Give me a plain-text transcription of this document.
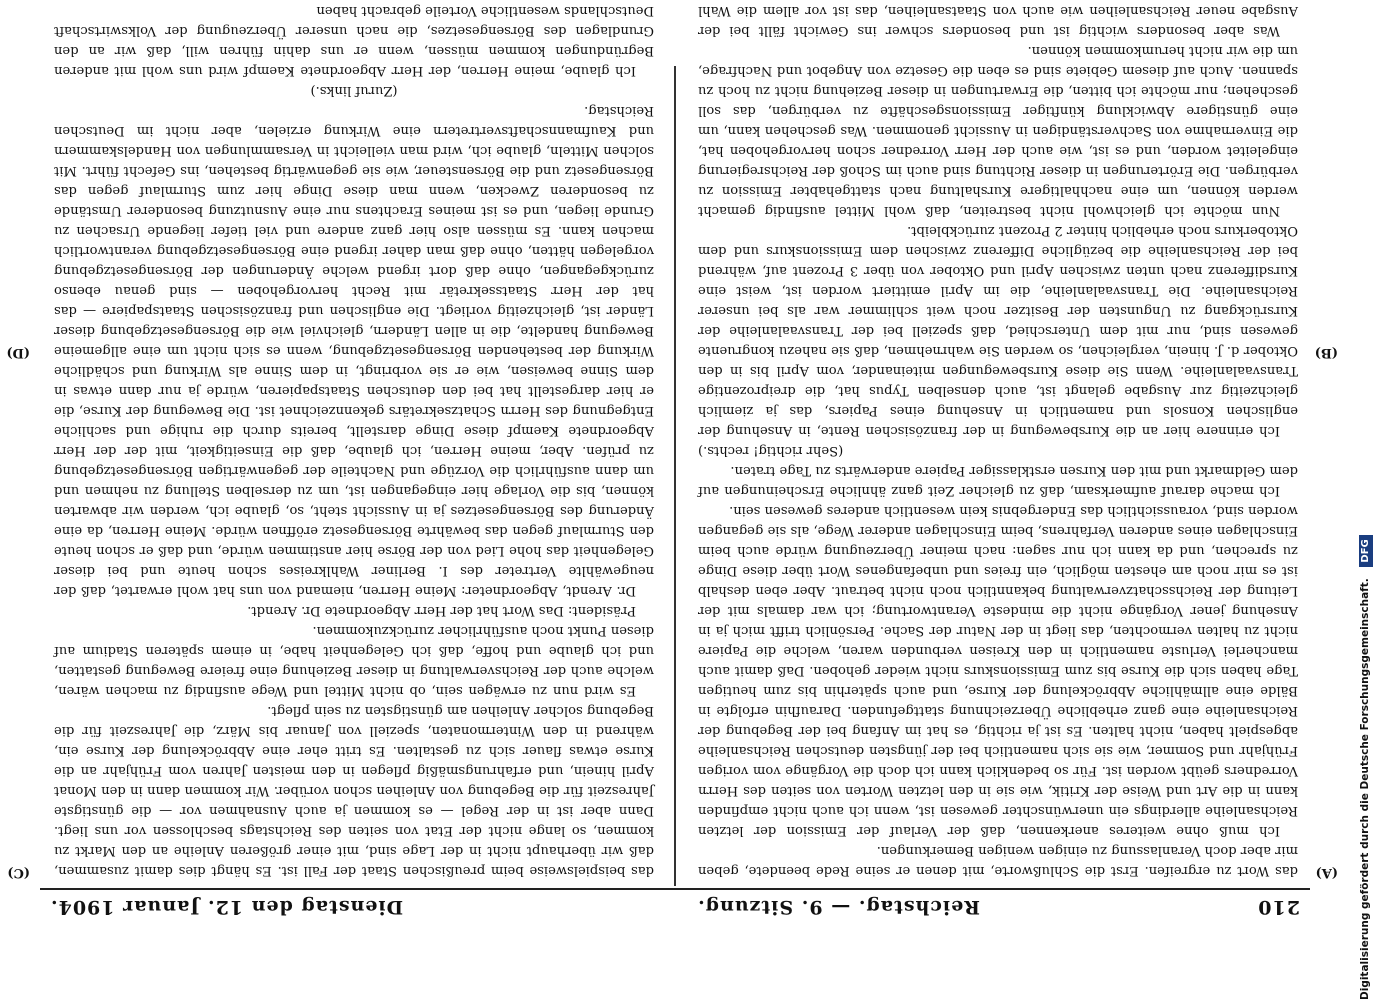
210
Reichstag. — 9. Sitzung.
Dienstag den 12. Januar 1904.
(A)
(B)
(C)
(D)

das Wort zu ergreifen. Erst die Schlußworte, mit denen er seine Rede beendete, geben mir aber doch Veranlassung zu einigen wenigen Bemerkungen.

Ich muß ohne weiteres anerkennen, daß der Verlauf der Emission der letzten Reichsanleihe allerdings ein unerwünschter gewesen ist, wenn ich auch nicht empfinden kann in die Art und Weise der Kritik, wie sie in den letzten Worten von seiten des Herrn Vorredners geübt worden ist. Für so bedenklich kann ich doch die Vorgänge vom vorigen Frühjahr und Sommer, wie sie sich namentlich bei der jüngsten deutschen Reichsanleihe abgespielt haben, nicht halten. Es ist ja richtig, es hat im Anfang bei der Begebung der Reichsanleihe eine ganz erhebliche Überzeichnung stattgefunden. Daraufhin erfolgte in Bälde eine allmähliche Abbröckelung der Kurse, und auch späterhin bis zum heutigen Tage haben sich die Kurse bis zum Emissionskurs nicht wieder gehoben. Daß damit auch mancherlei Verluste namentlich in den Kreisen verbunden waren, welche die Papiere nicht zu halten vermochten, das liegt in der Natur der Sache. Persönlich trifft mich ja in Ansehung jener Vorgänge nicht die mindeste Verantwortung; ich war damals mit der Leitung der Reichsschatzverwaltung bekanntlich noch nicht betraut. Aber eben deshalb ist es mir noch am ehesten möglich, ein freies und unbefangenes Wort über diese Dinge zu sprechen, und da kann ich nur sagen: nach meiner Überzeugung würde auch beim Einschlagen eines anderen Verfahrens, beim Einschlagen anderer Wege, als sie gegangen worden sind, voraussichtlich das Endergebnis kein wesentlich anderes gewesen sein.

Ich mache darauf aufmerksam, daß zu gleicher Zeit ganz ähnliche Erscheinungen auf dem Geldmarkt und mit den Kursen erstklassiger Papiere anderwärts zu Tage traten.

(Sehr richtig! rechts.)

Ich erinnere hier an die Kursbewegung in der französischen Rente, in Ansehung der englischen Konsols und namentlich in Ansehung eines Papiers, das ja ziemlich gleichzeitig zur Ausgabe gelangt ist, auch denselben Typus hat, die dreiprozentige Transvaalanleihe. Wenn Sie diese Kursbewegungen miteinander, vom April bis in den Oktober d. J. hinein, vergleichen, so werden Sie wahrnehmen, daß sie nahezu kongruente gewesen sind, nur mit dem Unterschied, daß speziell bei der Transvaalanleihe der Kursrückgang zu Ungunsten der Besitzer noch weit schlimmer war als bei unserer Reichsanleihe. Die Transvaalanleihe, die im April emittiert worden ist, weist eine Kursdifferenz nach unten zwischen April und Oktober von über 3 Prozent auf, während bei der Reichsanleihe die bezügliche Differenz zwischen dem Emissionskurs und dem Oktoberkurs noch erheblich hinter 2 Prozent zurückbleibt.

Nun möchte ich gleichwohl nicht bestreiten, daß wohl Mittel ausfindig gemacht werden können, um eine nachhaltigere Kurshaltung nach stattgehabter Emission zu verbürgen. Die Erörterungen in dieser Richtung sind auch im Schoß der Reichsregierung eingeleitet worden, und es ist, wie auch der Herr Vorredner schon hervorgehoben hat, die Einvernahme von Sachverständigen in Aussicht genommen. Was geschehen kann, um eine günstigere Abwicklung künftiger Emissionsgeschäfte zu verbürgen, das soll geschehen; nur möchte ich bitten, die Erwartungen in dieser Beziehung nicht zu hoch zu spannen. Auch auf diesem Gebiete sind es eben die Gesetze von Angebot und Nachfrage, um die wir nicht herumkommen können.

Was aber besonders wichtig ist und besonders schwer ins Gewicht fällt bei der Ausgabe neuer Reichsanleihen wie auch von Staatsanleihen, das ist vor allem die Wahl

das beispielsweise beim preußischen Staat der Fall ist. Es hängt dies damit zusammen, daß wir überhaupt nicht in der Lage sind, mit einer größeren Anleihe an den Markt zu kommen, so lange nicht der Etat von seiten des Reichstags beschlossen vor uns liegt. Dann aber ist in der Regel — es kommen ja auch Ausnahmen vor — die günstigste Jahreszeit für die Begebung von Anleihen schon vorüber. Wir kommen dann in den Monat April hinein, und erfahrungsmäßig pflegen in den meisten Jahren vom Frühjahr an die Kurse etwas flauer sich zu gestalten. Es tritt eher eine Abbröckelung der Kurse ein, während in den Wintermonaten, speziell von Januar bis März, die Jahreszeit für die Begebung solcher Anleihen am günstigsten zu sein pflegt.

Es wird nun zu erwägen sein, ob nicht Mittel und Wege ausfindig zu machen wären, welche auch der Reichsverwaltung in dieser Beziehung eine freiere Bewegung gestatten, und ich glaube und hoffe, daß ich Gelegenheit habe, in einem späteren Stadium auf diesen Punkt noch ausführlicher zurückzukommen.

Präsident: Das Wort hat der Herr Abgeordnete Dr. Arendt.

Dr. Arendt, Abgeordneter: Meine Herren, niemand von uns hat wohl erwartet, daß der neugewählte Vertreter des I. Berliner Wahlkreises schon heute und bei dieser Gelegenheit das hohe Lied von der Börse hier anstimmen würde, und daß er schon heute den Sturmlauf gegen das bewährte Börsengesetz eröffnen würde. Meine Herren, da eine Änderung des Börsengesetzes ja in Aussicht steht, so, glaube ich, werden wir abwarten können, bis die Vorlage hier eingegangen ist, um zu derselben Stellung zu nehmen und um dann ausführlich die Vorzüge und Nachteile der gegenwärtigen Börsengesetzgebung zu prüfen. Aber, meine Herren, ich glaube, daß die Einseitigkeit, mit der der Herr Abgeordnete Kaempf diese Dinge darstellt, bereits durch die ruhige und sachliche Entgegnung des Herrn Schatzsekretärs gekennzeichnet ist. Die Bewegung der Kurse, die er hier dargestellt hat bei den deutschen Staatspapieren, würde ja nur dann etwas in dem Sinne beweisen, wie er sie vorbringt, in dem Sinne als Wirkung und schädliche Wirkung der bestehenden Börsengesetzgebung, wenn es sich nicht um eine allgemeine Bewegung handelte, die in allen Ländern, gleichviel wie die Börsengesetzgebung dieser Länder ist, gleichzeitig vorliegt. Die englischen und französischen Staatspapiere — das hat der Herr Staatssekretär mit Recht hervorgehoben — sind genau ebenso zurückgegangen, ohne daß dort irgend welche Änderungen der Börsengesetzgebung vorgelegen hätten, ohne daß man daher irgend eine Börsengesetzgebung verantwortlich machen kann. Es müssen also hier ganz andere und viel tiefer liegende Ursachen zu Grunde liegen, und es ist meines Erachtens nur eine Ausnutzung besonderer Umstände zu besonderen Zwecken, wenn man diese Dinge hier zum Sturmlauf gegen das Börsengesetz und die Börsensteuer, wie sie gegenwärtig bestehen, ins Gefecht führt. Mit solchen Mitteln, glaube ich, wird man vielleicht in Versammlungen von Handelskammern und Kaufmannschaftsvertretern eine Wirkung erzielen, aber nicht im Deutschen Reichstag.

(Zuruf links.)

Ich glaube, meine Herren, der Herr Abgeordnete Kaempf wird uns wohl mit anderen Begründungen kommen müssen, wenn er uns dahin führen will, daß wir an den Grundlagen des Börsengesetzes, die nach unserer Überzeugung der Volkswirtschaft Deutschlands wesentliche Vorteile gebracht haben

Digitalisierung gefördert durch die Deutsche Forschungsgemeinschaft. DFG
